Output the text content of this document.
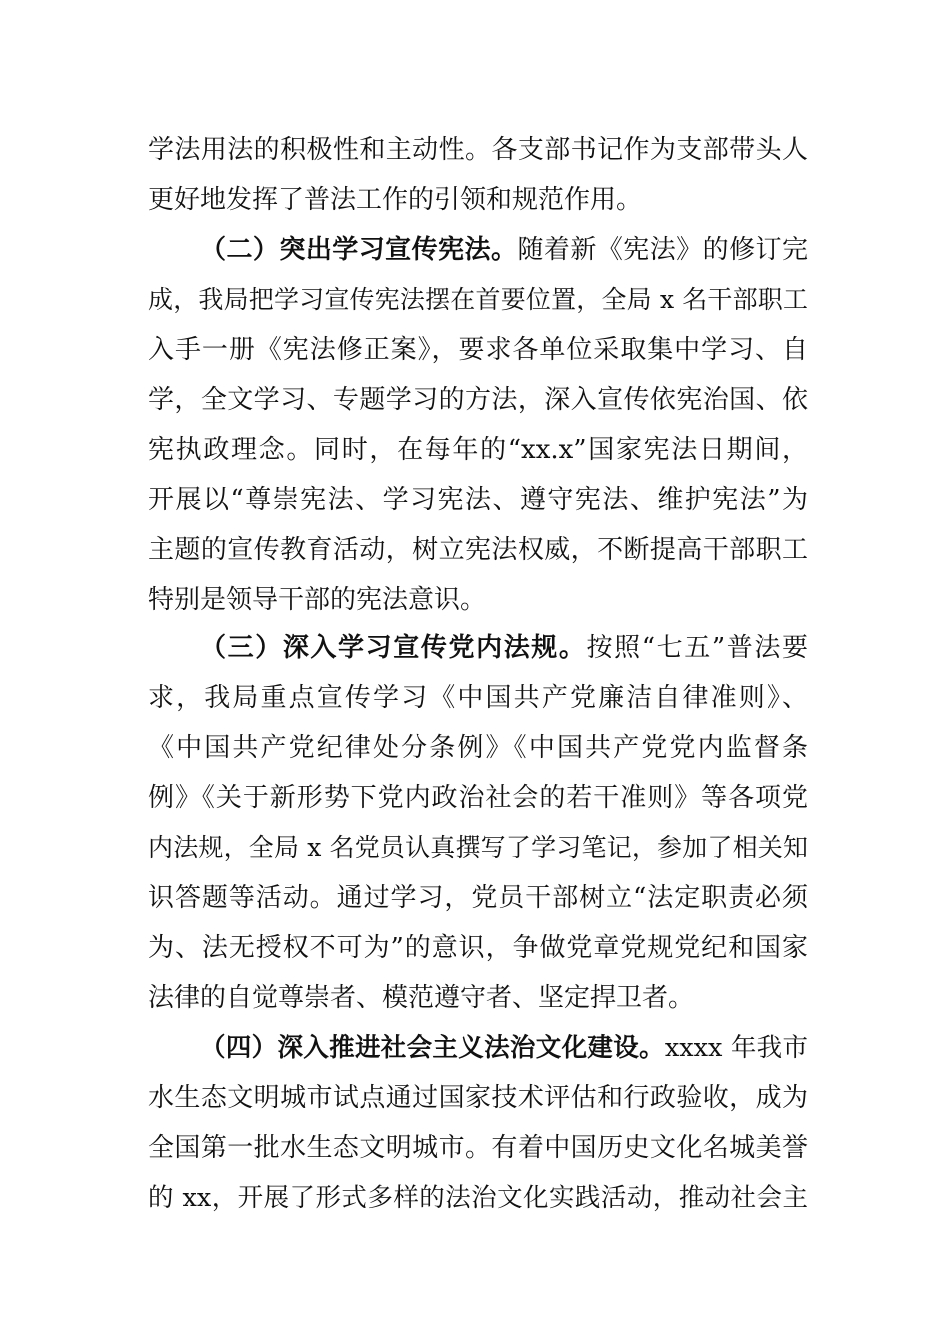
学法用法的积极性和主动性。各支部书记作为支部带头人
更好地发挥了普法工作的引领和规范作用。
（二）突出学习宣传宪法。随着新《宪法》的修订完
成，我局把学习宣传宪法摆在首要位置，全局 x 名干部职工
入手一册《宪法修正案》，要求各单位采取集中学习、自
学，全文学习、专题学习的方法，深入宣传依宪治国、依
宪执政理念。同时，在每年的“xx.x”国家宪法日期间，
开展以“尊崇宪法、学习宪法、遵守宪法、维护宪法”为
主题的宣传教育活动，树立宪法权威，不断提高干部职工
特别是领导干部的宪法意识。
（三）深入学习宣传党内法规。按照“七五”普法要
求，我局重点宣传学习《中国共产党廉洁自律准则》、
《中国共产党纪律处分条例》《中国共产党党内监督条
例》《关于新形势下党内政治社会的若干准则》等各项党
内法规，全局 x 名党员认真撰写了学习笔记，参加了相关知
识答题等活动。通过学习，党员干部树立“法定职责必须
为、法无授权不可为”的意识，争做党章党规党纪和国家
法律的自觉尊崇者、模范遵守者、坚定捍卫者。
（四）深入推进社会主义法治文化建设。xxxx 年我市
水生态文明城市试点通过国家技术评估和行政验收，成为
全国第一批水生态文明城市。有着中国历史文化名城美誉
的 xx，开展了形式多样的法治文化实践活动，推动社会主
